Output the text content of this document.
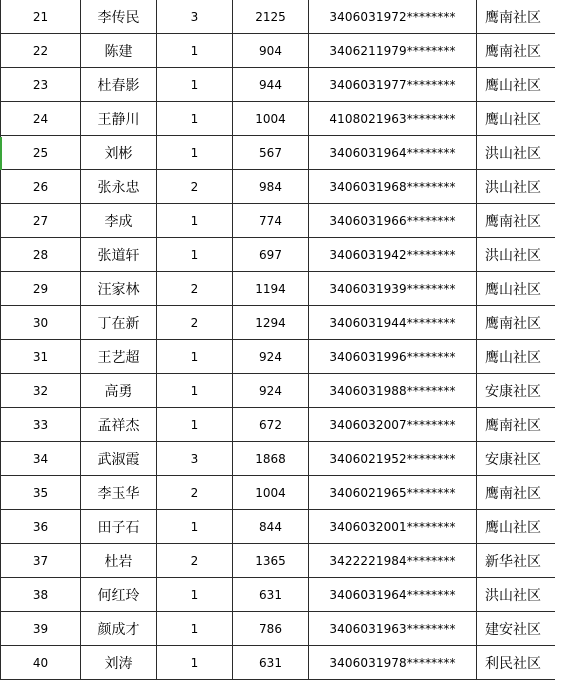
21	李传民	3	2125	3406031972********	鹰南社区
22	陈建	1	904	3406211979********	鹰南社区
23	杜春影	1	944	3406031977********	鹰山社区
24	王静川	1	1004	4108021963********	鹰山社区
25	刘彬	1	567	3406031964********	洪山社区
26	张永忠	2	984	3406031968********	洪山社区
27	李成	1	774	3406031966********	鹰南社区
28	张道轩	1	697	3406031942********	洪山社区
29	汪家林	2	1194	3406031939********	鹰山社区
30	丁在新	2	1294	3406031944********	鹰南社区
31	王艺超	1	924	3406031996********	鹰山社区
32	高勇	1	924	3406031988********	安康社区
33	孟祥杰	1	672	3406032007********	鹰南社区
34	武淑霞	3	1868	3406021952********	安康社区
35	李玉华	2	1004	3406021965********	鹰南社区
36	田子石	1	844	3406032001********	鹰山社区
37	杜岩	2	1365	3422221984********	新华社区
38	何红玲	1	631	3406031964********	洪山社区
39	颜成才	1	786	3406031963********	建安社区
40	刘涛	1	631	3406031978********	利民社区
